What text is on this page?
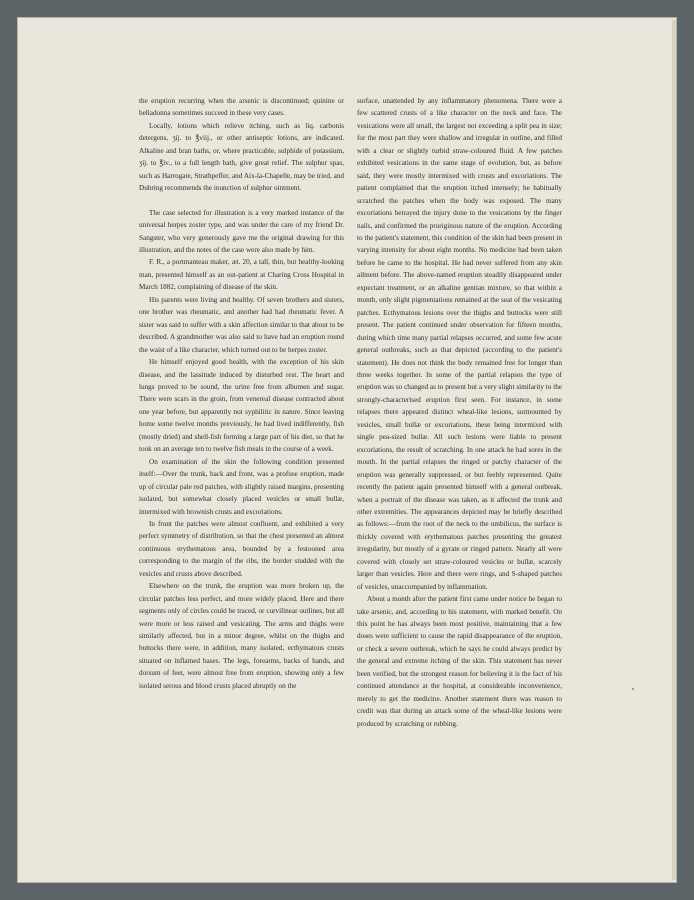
the eruption recurring when the arsenic is discontinued; quinine or belladonna sometimes succeed in these very cases.

Locally, lotions which relieve itching, such as liq. carbonis detergens, ʒij. to ℥viij., or other antiseptic lotions, are indicated. Alkaline and bran baths, or, where practicable, sulphide of potassium, ʒij. to ℥iv., to a full length bath, give great relief. The sulphur spas, such as Harrogate, Strathpeffer, and Aix-la-Chapelle, may be tried, and Duhring recommends the inunction of sulphur ointment.

The case selected for illustration is a very marked instance of the universal herpes zoster type, and was under the care of my friend Dr. Sangster, who very generously gave me the original drawing for this illustration, and the notes of the case were also made by him.

F. R., a portmanteau maker, æt. 20, a tall, thin, but healthy-looking man, presented himself as an out-patient at Charing Cross Hospital in March 1882, complaining of disease of the skin.

His parents were living and healthy. Of seven brothers and sisters, one brother was rheumatic, and another had had rheumatic fever. A sister was said to suffer with a skin affection similar to that about to be described. A grandmother was also said to have had an eruption round the waist of a like character, which turned out to be herpes zoster.

He himself enjoyed good health, with the exception of his skin disease, and the lassitude induced by disturbed rest. The heart and lungs proved to be sound, the urine free from albumen and sugar. There were scars in the groin, from venereal disease contracted about one year before, but apparently not syphilitic in nature. Since leaving home some twelve months previously, he had lived indifferently, fish (mostly dried) and shell-fish forming a large part of his diet, so that he took on an average ten to twelve fish meals in the course of a week.

On examination of the skin the following condition presented itself:—Over the trunk, back and front, was a profuse eruption, made up of circular pale red patches, with slightly raised margins, presenting isolated, but somewhat closely placed vesicles or small bullæ, intermixed with brownish crusts and excoriations.

In front the patches were almost confluent, and exhibited a very perfect symmetry of distribution, so that the chest presented an almost continuous erythematous area, bounded by a festooned area corresponding to the margin of the ribs, the border studded with the vesicles and crusts above described.

Elsewhere on the trunk, the eruption was more broken up, the circular patches less perfect, and more widely placed. Here and there segments only of circles could be traced, or curvilinear outlines, but all were more or less raised and vesicating. The arms and thighs were similarly affected, but in a minor degree, whilst on the thighs and buttocks there were, in addition, many isolated, ecthymatous crusts situated on inflamed bases. The legs, forearms, backs of hands, and dorsum of feet, were almost free from eruption, showing only a few isolated serous and blood crusts placed abruptly on the

surface, unattended by any inflammatory phenomena. There were a few scattered crusts of a like character on the neck and face. The vesications were all small, the largest not exceeding a split pea in size; for the most part they were shallow and irregular in outline, and filled with a clear or slightly turbid straw-coloured fluid. A few patches exhibited vesications in the same stage of evolution, but, as before said, they were mostly intermixed with crusts and excoriations. The patient complained that the eruption itched intensely; he habitually scratched the patches when the body was exposed. The many excoriations betrayed the injury done to the vesications by the finger nails, and confirmed the pruriginous nature of the eruption. According to the patient's statement, this condition of the skin had been present in varying intensity for about eight months. No medicine had been taken before he came to the hospital. He had never suffered from any skin ailment before. The above-named eruption steadily disappeared under expectant treatment, or an alkaline gentian mixture, so that within a month, only slight pigmentations remained at the seat of the vesicating patches. Ecthymatous lesions over the thighs and buttocks were still present. The patient continued under observation for fifteen months, during which time many partial relapses occurred, and some few acute general outbreaks, such as that depicted (according to the patient's statement). He does not think the body remained free for longer than three weeks together. In some of the partial relapses the type of eruption was so changed as to present but a very slight similarity to the strongly-characterised eruption first seen. For instance, in some relapses there appeared distinct wheal-like lesions, surmounted by vesicles, small bullæ or excoriations, these being intermixed with single pea-sized bullæ. All such lesions were liable to present excoriations, the result of scratching. In one attack he had sores in the mouth. In the partial relapses the ringed or patchy character of the eruption was generally suppressed, or but feebly represented. Quite recently the patient again presented himself with a general outbreak, when a portrait of the disease was taken, as it affected the trunk and other extremities. The appearances depicted may be briefly described as follows:—from the root of the neck to the umbilicus, the surface is thickly covered with erythematous patches presenting the greatest irregularity, but mostly of a gyrate or ringed pattern. Nearly all were covered with closely set straw-coloured vesicles or bullæ, scarcely larger than vesicles. Here and there were rings, and S-shaped patches of vesicles, unaccompanied by inflammation.

About a month after the patient first came under notice he began to take arsenic, and, according to his statement, with marked benefit. On this point he has always been most positive, maintaining that a few doses were sufficient to cause the rapid disappearance of the eruption, or check a severe outbreak, which he says he could always predict by the general and extreme itching of the skin. This statement has never been verified, but the strongest reason for believing it is the fact of his continued attendance at the hospital, at considerable inconvenience, merely to get the medicine. Another statement there was reason to credit was that during an attack some of the wheal-like lesions were produced by scratching or rubbing.
